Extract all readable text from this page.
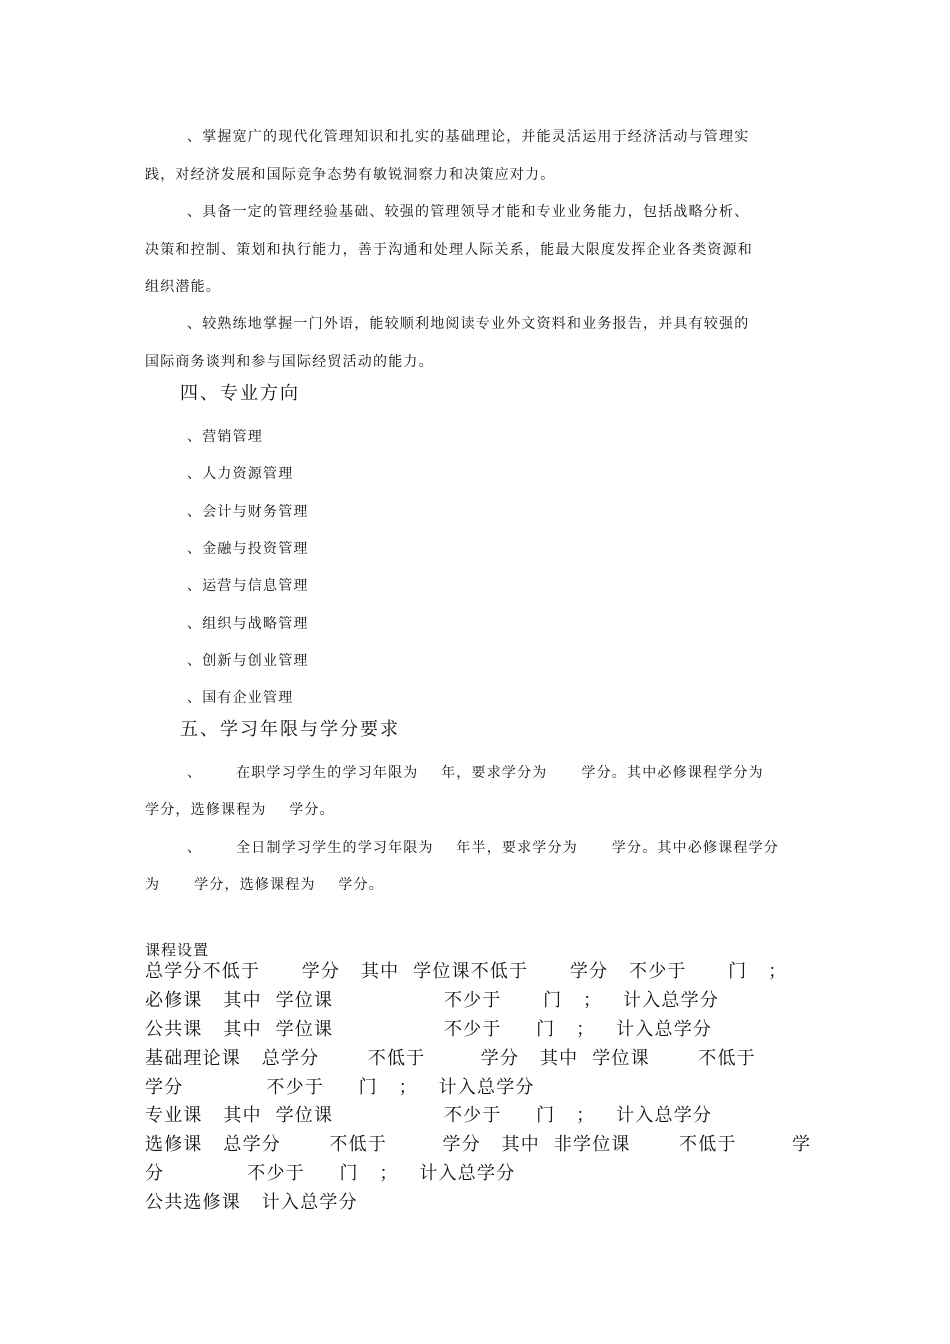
、掌握宽广的现代化管理知识和扎实的基础理论，并能灵活运用于经济活动与管理实
践，对经济发展和国际竞争态势有敏锐洞察力和决策应对力。
、具备一定的管理经验基础、较强的管理领导才能和专业业务能力，包括战略分析、
决策和控制、策划和执行能力，善于沟通和处理人际关系，能最大限度发挥企业各类资源和
组织潜能。
、较熟练地掌握一门外语，能较顺利地阅读专业外文资料和业务报告，并具有较强的
国际商务谈判和参与国际经贸活动的能力。
四、专业方向
、营销管理
、人力资源管理
、会计与财务管理
、金融与投资管理
、运营与信息管理
、组织与战略管理
、创新与创业管理
、国有企业管理
五、学习年限与学分要求
、      在职学习学生的学习年限为    年，要求学分为      学分。其中必修课程学分为
学分，选修课程为    学分。
、      全日制学习学生的学习年限为    年半，要求学分为      学分。其中必修课程学分
为      学分，选修课程为    学分。
课程设置
总学分不低于      学分   其中  学位课不低于      学分   不少于      门   ；
必修课   其中  学位课                不少于      门   ；   计入总学分
公共课   其中  学位课                不少于     门   ；   计入总学分
基础理论课   总学分       不低于        学分   其中  学位课       不低于
学分            不少于     门   ；   计入总学分
专业课   其中  学位课                不少于     门   ；   计入总学分
选修课   总学分       不低于        学分   其中  非学位课       不低于        学
分            不少于     门   ；   计入总学分
公共选修课   计入总学分
